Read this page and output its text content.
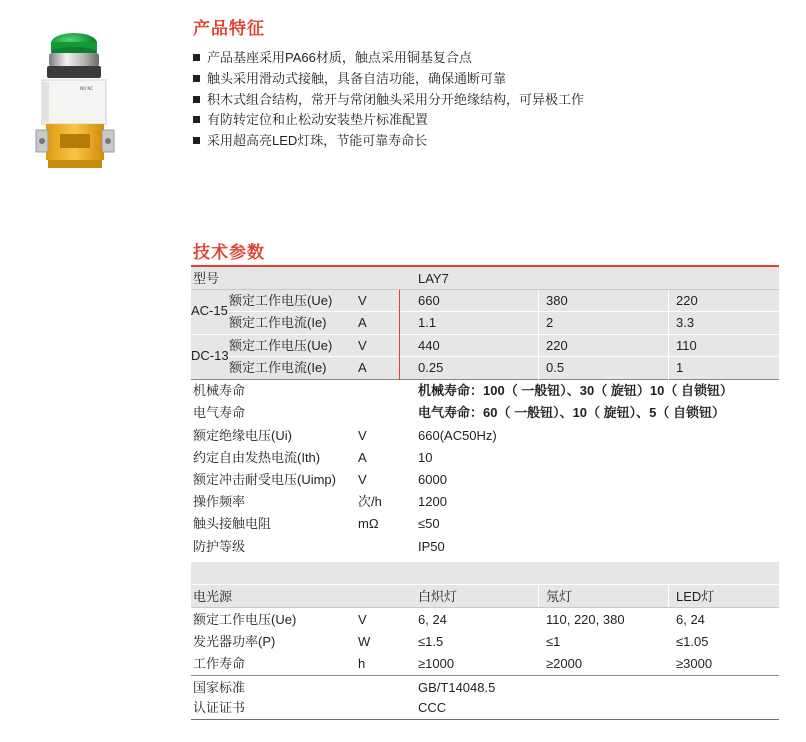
NO NC
产品特征
产品基座采用PA66材质，触点采用铜基复合点
触头采用滑动式接触，具备自洁功能，确保通断可靠
积木式组合结构，常开与常闭触头采用分开绝缘结构，可异极工作
有防转定位和止松动安装垫片标准配置
采用超高亮LED灯珠，节能可靠寿命长
技术参数
型号	LAY7
AC-15
额定工作电压(Ue) V	660	380	220
额定工作电流(Ie) A	1.1	2	3.3
DC-13
额定工作电压(Ue) V	440	220	110
额定工作电流(Ie) A	0.25	0.5	1
机械寿命	机械寿命：100（ 一般钮）、30（ 旋钮）10（ 自锁钮）
电气寿命	电气寿命：60（ 一般钮）、10（ 旋钮）、5（ 自锁钮）
额定绝缘电压(Ui)	V	660(AC50Hz)
约定自由发热电流(Ith)	A	10
额定冲击耐受电压(Uimp) V	6000
操作频率	次/h	1200
触头接触电阻	mΩ	≤50
防护等级	IP50
电光源	白炽灯	氖灯	LED灯
额定工作电压(Ue)	V	6, 24	110, 220, 380	6, 24
发光器功率(P)	W	≤1.5	≤1	≤1.05
工作寿命	h	≥1000	≥2000	≥3000
国家标准	GB/T14048.5
认证证书	CCC
